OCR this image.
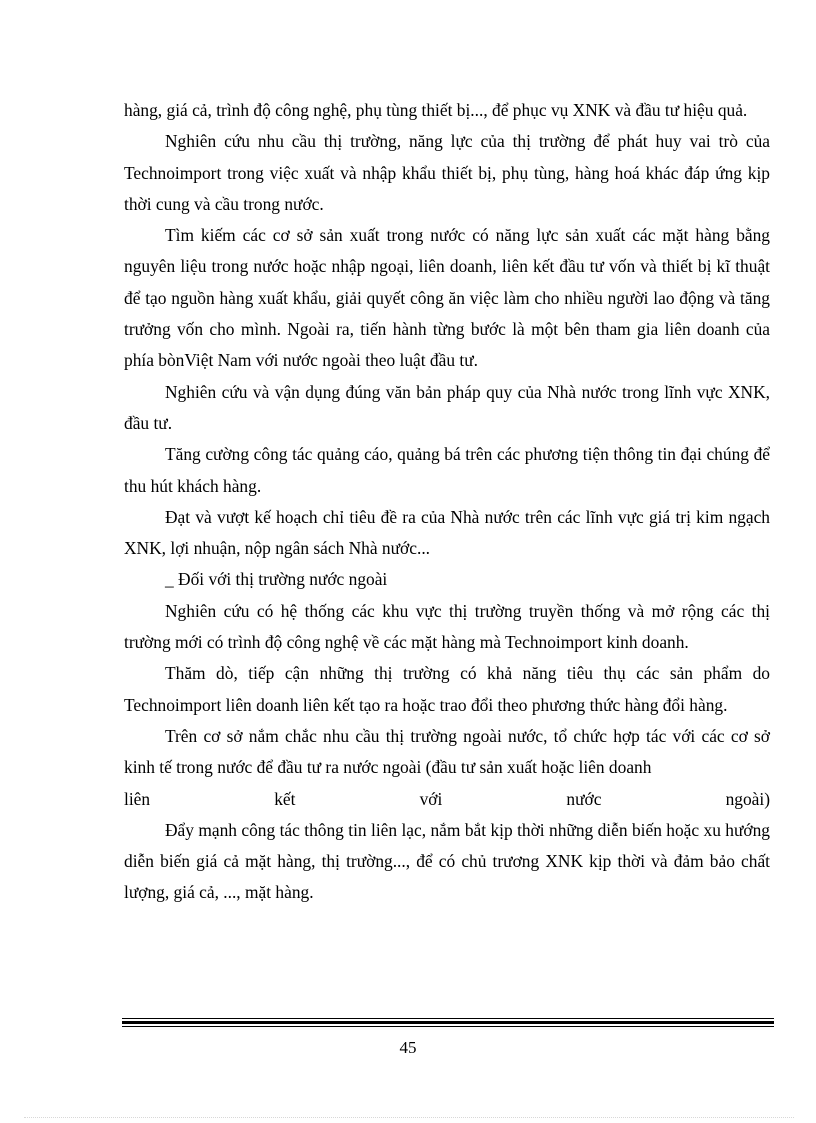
hàng, giá cả, trình độ công nghệ, phụ tùng thiết bị..., để phục vụ XNK và đầu tư hiệu quả.

Nghiên cứu nhu cầu thị trường, năng lực của thị trường để phát huy vai trò của Technoimport trong việc xuất và nhập khẩu thiết bị, phụ tùng, hàng hoá khác đáp ứng kịp thời cung và cầu trong nước.

Tìm kiếm các cơ sở sản xuất trong nước có năng lực sản xuất các mặt hàng bằng nguyên liệu trong nước hoặc nhập ngoại, liên doanh, liên kết đầu tư vốn và thiết bị kĩ thuật để tạo nguồn hàng xuất khẩu, giải quyết công ăn việc làm cho nhiều người lao động và tăng trưởng vốn cho mình. Ngoài ra, tiến hành từng bước là một bên tham gia liên doanh của phía bònViệt Nam với nước ngoài theo luật đầu tư.

Nghiên cứu và vận dụng đúng văn bản pháp quy của Nhà nước trong lĩnh vực XNK, đầu tư.

Tăng cường công tác quảng cáo, quảng bá trên các phương tiện thông tin đại chúng để thu hút khách hàng.

Đạt và vượt kế hoạch chỉ tiêu đề ra của Nhà nước trên các lĩnh vực giá trị kim ngạch XNK, lợi nhuận, nộp ngân sách Nhà nước...

_ Đối với thị trường nước ngoài

Nghiên cứu có hệ thống các khu vực thị trường truyền thống và mở rộng các thị trường mới có trình độ công nghệ về các mặt hàng mà Technoimport kinh doanh.

Thăm dò, tiếp cận những thị trường có khả năng tiêu thụ các sản phẩm do Technoimport liên doanh liên kết tạo ra hoặc trao đổi theo phương thức hàng đổi hàng.

Trên cơ sở nắm chắc nhu cầu thị trường ngoài nước, tổ chức hợp tác với các cơ sở kinh tế trong nước để đầu tư ra nước ngoài (đầu tư sản xuất hoặc liên doanh

liên kết với nước ngoài)

Đẩy mạnh công tác thông tin liên lạc, nắm bắt kịp thời những diễn biến hoặc xu hướng diễn biến giá cả mặt hàng, thị trường..., để có chủ trương XNK kịp thời và đảm bảo chất lượng, giá cả, ..., mặt hàng.

45
